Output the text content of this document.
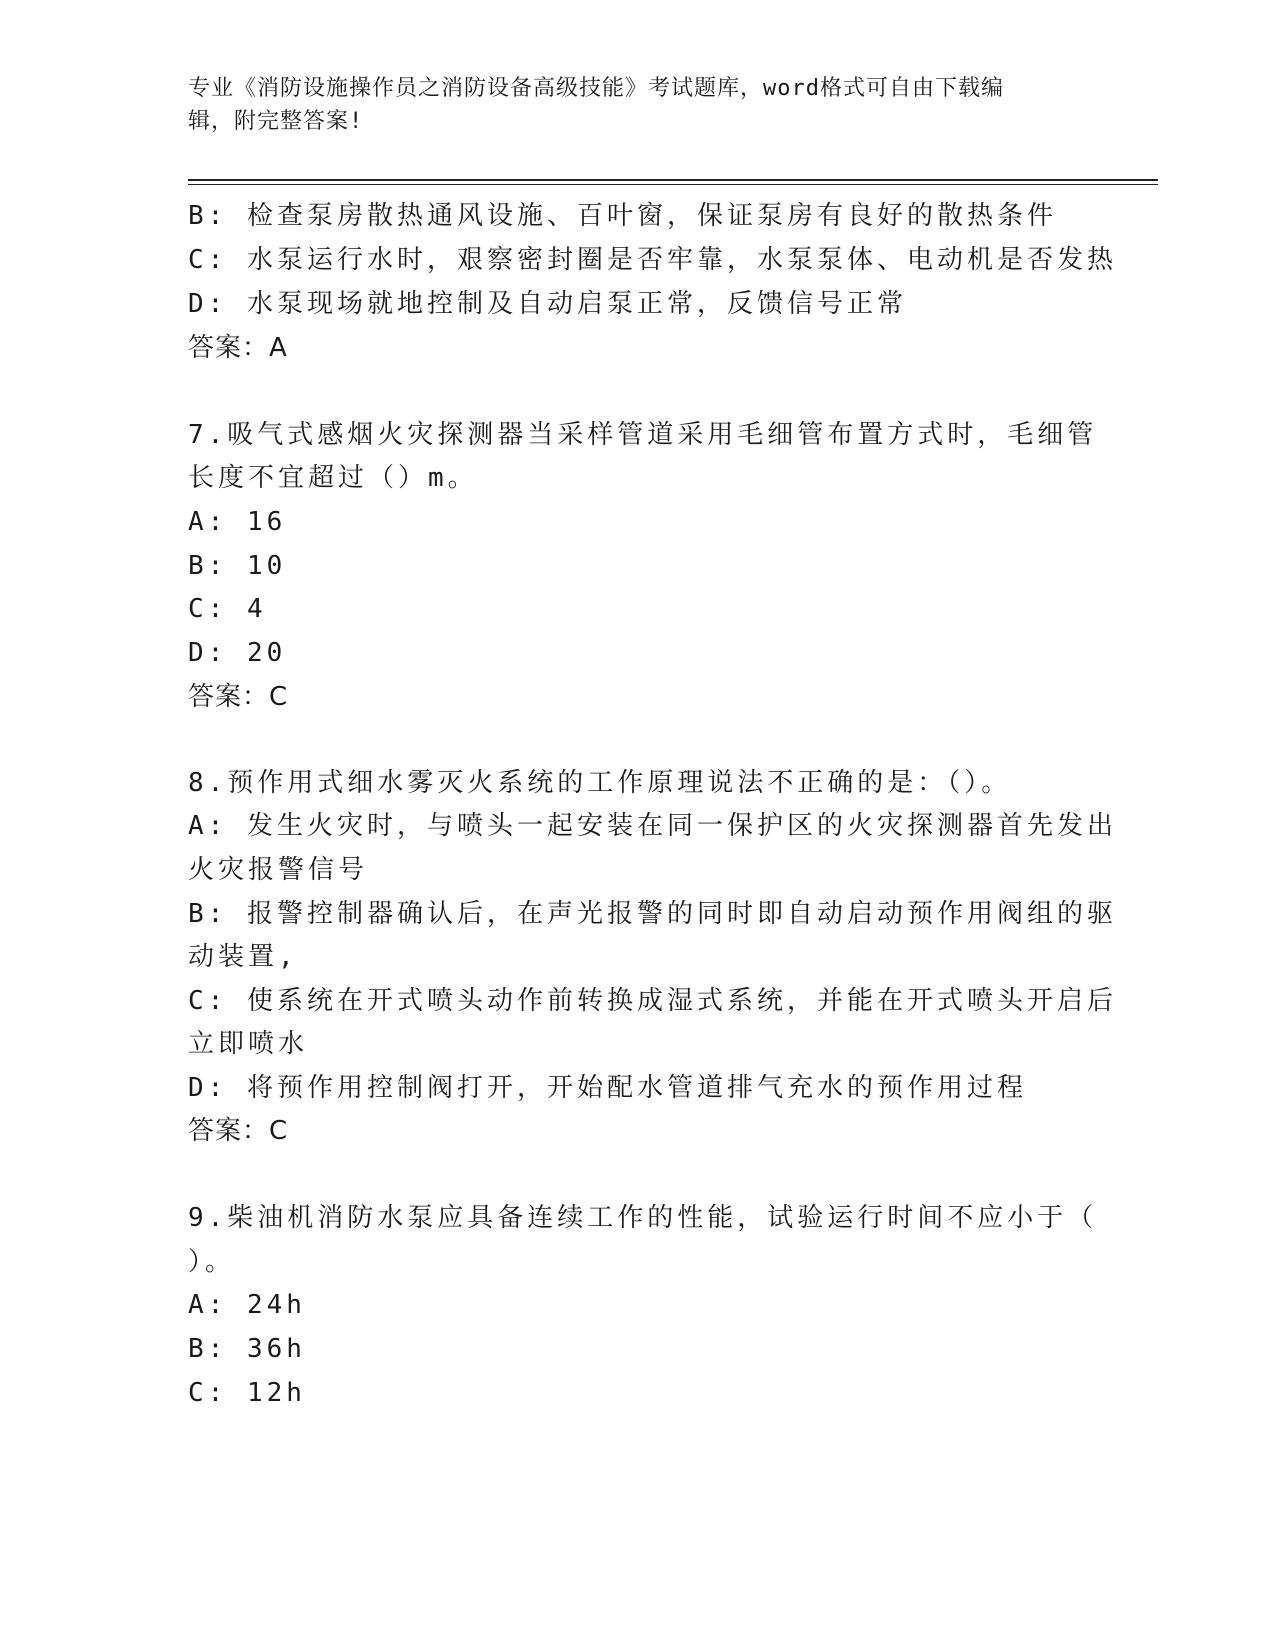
专业《消防设施操作员之消防设备高级技能》考试题库，word格式可自由下载编
辑，附完整答案!
B: 检查泵房散热通风设施、百叶窗，保证泵房有良好的散热条件
C: 水泵运行水时，艰察密封圈是否牢靠，水泵泵体、电动机是否发热
D: 水泵现场就地控制及自动启泵正常，反馈信号正常
答案：A
7.吸气式感烟火灾探测器当采样管道采用毛细管布置方式时，毛细管
长度不宜超过（）m。
A: 16
B: 10
C: 4
D: 20
答案：C
8.预作用式细水雾灭火系统的工作原理说法不正确的是：（）。
A: 发生火灾时，与喷头一起安装在同一保护区的火灾探测器首先发出
火灾报警信号
B: 报警控制器确认后，在声光报警的同时即自动启动预作用阀组的驱
动装置,
C: 使系统在开式喷头动作前转换成湿式系统，并能在开式喷头开启后
立即喷水
D: 将预作用控制阀打开，开始配水管道排气充水的预作用过程
答案：C
9.柴油机消防水泵应具备连续工作的性能，试验运行时间不应小于（
）。
A: 24h
B: 36h
C: 12h
